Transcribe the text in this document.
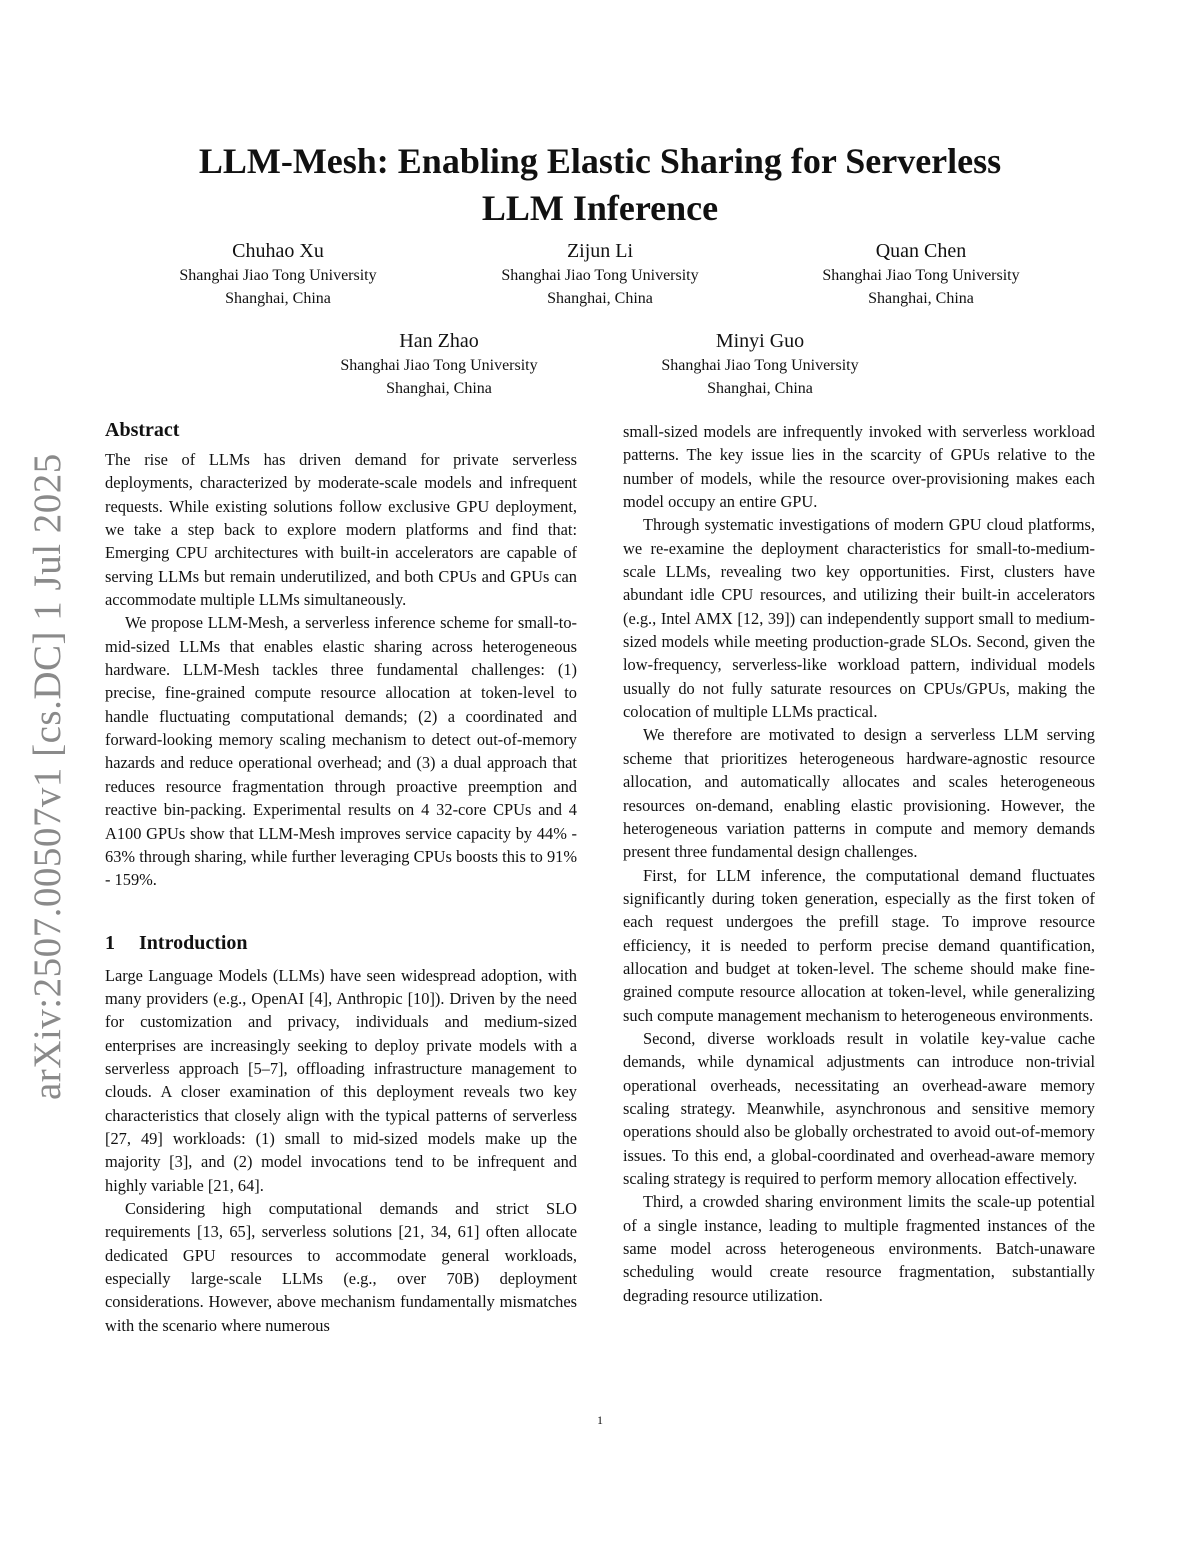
arXiv:2507.00507v1 [cs.DC] 1 Jul 2025
LLM-Mesh: Enabling Elastic Sharing for Serverless
LLM Inference
Chuhao Xu
Shanghai Jiao Tong University
Shanghai, China
Zijun Li
Shanghai Jiao Tong University
Shanghai, China
Quan Chen
Shanghai Jiao Tong University
Shanghai, China
Han Zhao
Shanghai Jiao Tong University
Shanghai, China
Minyi Guo
Shanghai Jiao Tong University
Shanghai, China
Abstract

The rise of LLMs has driven demand for private serverless deployments, characterized by moderate-scale models and infrequent requests. While existing solutions follow exclusive GPU deployment, we take a step back to explore modern platforms and find that: Emerging CPU architectures with built-in accelerators are capable of serving LLMs but remain underutilized, and both CPUs and GPUs can accommodate multiple LLMs simultaneously.

We propose LLM-Mesh, a serverless inference scheme for small-to-mid-sized LLMs that enables elastic sharing across heterogeneous hardware. LLM-Mesh tackles three fundamental challenges: (1) precise, fine-grained compute resource allocation at token-level to handle fluctuating computational demands; (2) a coordinated and forward-looking memory scaling mechanism to detect out-of-memory hazards and reduce operational overhead; and (3) a dual approach that reduces resource fragmentation through proactive preemption and reactive bin-packing. Experimental results on 4 32-core CPUs and 4 A100 GPUs show that LLM-Mesh improves service capacity by 44% - 63% through sharing, while further leveraging CPUs boosts this to 91% - 159%.

1 Introduction

Large Language Models (LLMs) have seen widespread adoption, with many providers (e.g., OpenAI [4], Anthropic [10]). Driven by the need for customization and privacy, individuals and medium-sized enterprises are increasingly seeking to deploy private models with a serverless approach [5–7], offloading infrastructure management to clouds. A closer examination of this deployment reveals two key characteristics that closely align with the typical patterns of serverless [27, 49] workloads: (1) small to mid-sized models make up the majority [3], and (2) model invocations tend to be infrequent and highly variable [21, 64].

Considering high computational demands and strict SLO requirements [13, 65], serverless solutions [21, 34, 61] often allocate dedicated GPU resources to accommodate general workloads, especially large-scale LLMs (e.g., over 70B) deployment considerations. However, above mechanism fundamentally mismatches with the scenario where numerous

small-sized models are infrequently invoked with serverless workload patterns. The key issue lies in the scarcity of GPUs relative to the number of models, while the resource over-provisioning makes each model occupy an entire GPU.

Through systematic investigations of modern GPU cloud platforms, we re-examine the deployment characteristics for small-to-medium-scale LLMs, revealing two key opportunities. First, clusters have abundant idle CPU resources, and utilizing their built-in accelerators (e.g., Intel AMX [12, 39]) can independently support small to medium-sized models while meeting production-grade SLOs. Second, given the low-frequency, serverless-like workload pattern, individual models usually do not fully saturate resources on CPUs/GPUs, making the colocation of multiple LLMs practical.

We therefore are motivated to design a serverless LLM serving scheme that prioritizes heterogeneous hardware-agnostic resource allocation, and automatically allocates and scales heterogeneous resources on-demand, enabling elastic provisioning. However, the heterogeneous variation patterns in compute and memory demands present three fundamental design challenges.

First, for LLM inference, the computational demand fluctuates significantly during token generation, especially as the first token of each request undergoes the prefill stage. To improve resource efficiency, it is needed to perform precise demand quantification, allocation and budget at token-level. The scheme should make fine-grained compute resource allocation at token-level, while generalizing such compute management mechanism to heterogeneous environments.

Second, diverse workloads result in volatile key-value cache demands, while dynamical adjustments can introduce non-trivial operational overheads, necessitating an overhead-aware memory scaling strategy. Meanwhile, asynchronous and sensitive memory operations should also be globally orchestrated to avoid out-of-memory issues. To this end, a global-coordinated and overhead-aware memory scaling strategy is required to perform memory allocation effectively.

Third, a crowded sharing environment limits the scale-up potential of a single instance, leading to multiple fragmented instances of the same model across heterogeneous environments. Batch-unaware scheduling would create resource fragmentation, substantially degrading resource utilization.

1
